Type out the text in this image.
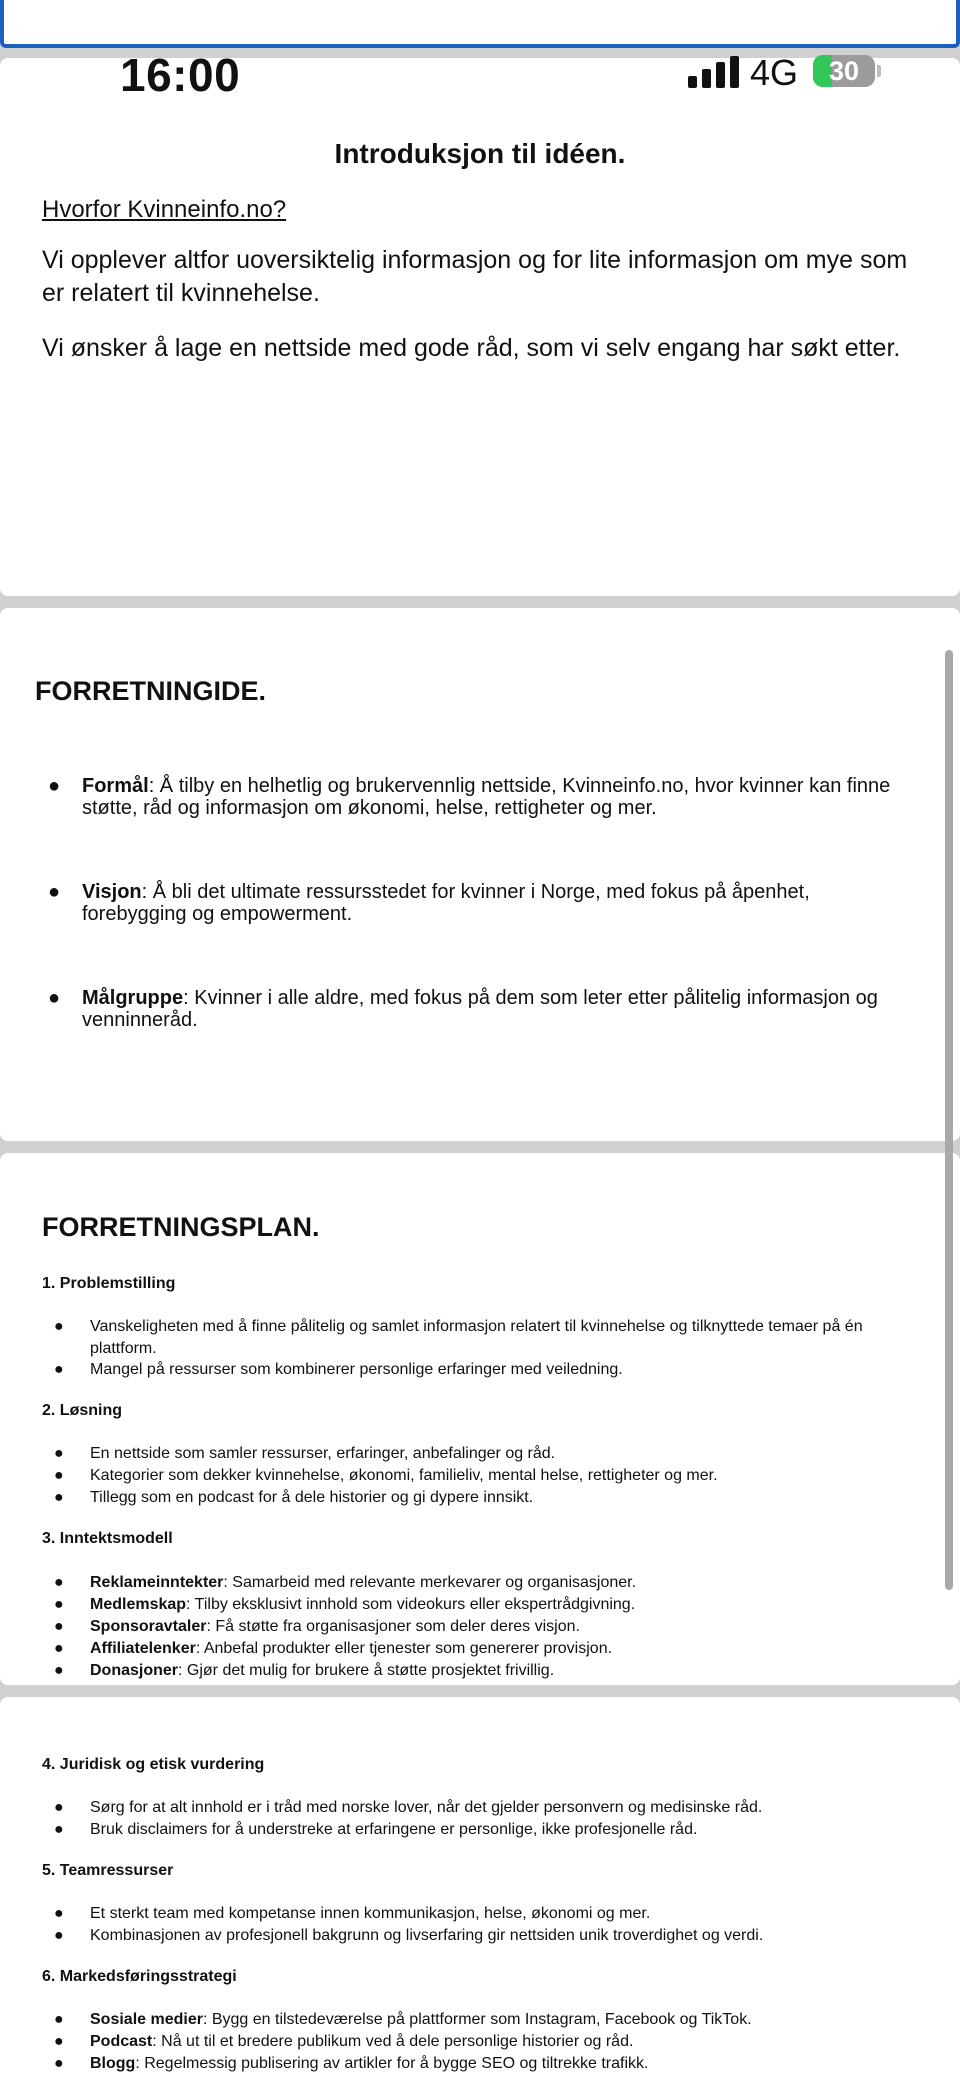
16:00	4G	30
Introduksjon til idéen.
Hvorfor Kvinneinfo.no?
Vi opplever altfor uoversiktelig informasjon og for lite informasjon om mye som er relatert til kvinnehelse.
Vi ønsker å lage en nettside med gode råd, som vi selv engang har søkt etter.
FORRETNINGIDE.
● Formål: Å tilby en helhetlig og brukervennlig nettside, Kvinneinfo.no, hvor kvinner kan finne støtte, råd og informasjon om økonomi, helse, rettigheter og mer.
● Visjon: Å bli det ultimate ressursstedet for kvinner i Norge, med fokus på åpenhet, forebygging og empowerment.
● Målgruppe: Kvinner i alle aldre, med fokus på dem som leter etter pålitelig informasjon og venninneråd.
FORRETNINGSPLAN.
1. Problemstilling
● Vanskeligheten med å finne pålitelig og samlet informasjon relatert til kvinnehelse og tilknyttede temaer på én plattform.
● Mangel på ressurser som kombinerer personlige erfaringer med veiledning.
2. Løsning
● En nettside som samler ressurser, erfaringer, anbefalinger og råd.
● Kategorier som dekker kvinnehelse, økonomi, familieliv, mental helse, rettigheter og mer.
● Tillegg som en podcast for å dele historier og gi dypere innsikt.
3. Inntektsmodell
● Reklameinntekter: Samarbeid med relevante merkevarer og organisasjoner.
● Medlemskap: Tilby eksklusivt innhold som videokurs eller ekspertrådgivning.
● Sponsoravtaler: Få støtte fra organisasjoner som deler deres visjon.
● Affiliatelenker: Anbefal produkter eller tjenester som genererer provisjon.
● Donasjoner: Gjør det mulig for brukere å støtte prosjektet frivillig.
4. Juridisk og etisk vurdering
● Sørg for at alt innhold er i tråd med norske lover, når det gjelder personvern og medisinske råd.
● Bruk disclaimers for å understreke at erfaringene er personlige, ikke profesjonelle råd.
5. Teamressurser
● Et sterkt team med kompetanse innen kommunikasjon, helse, økonomi og mer.
● Kombinasjonen av profesjonell bakgrunn og livserfaring gir nettsiden unik troverdighet og verdi.
6. Markedsføringsstrategi
● Sosiale medier: Bygg en tilstedeværelse på plattformer som Instagram, Facebook og TikTok.
● Podcast: Nå ut til et bredere publikum ved å dele personlige historier og råd.
● Blogg: Regelmessig publisering av artikler for å bygge SEO og tiltrekke trafikk.
